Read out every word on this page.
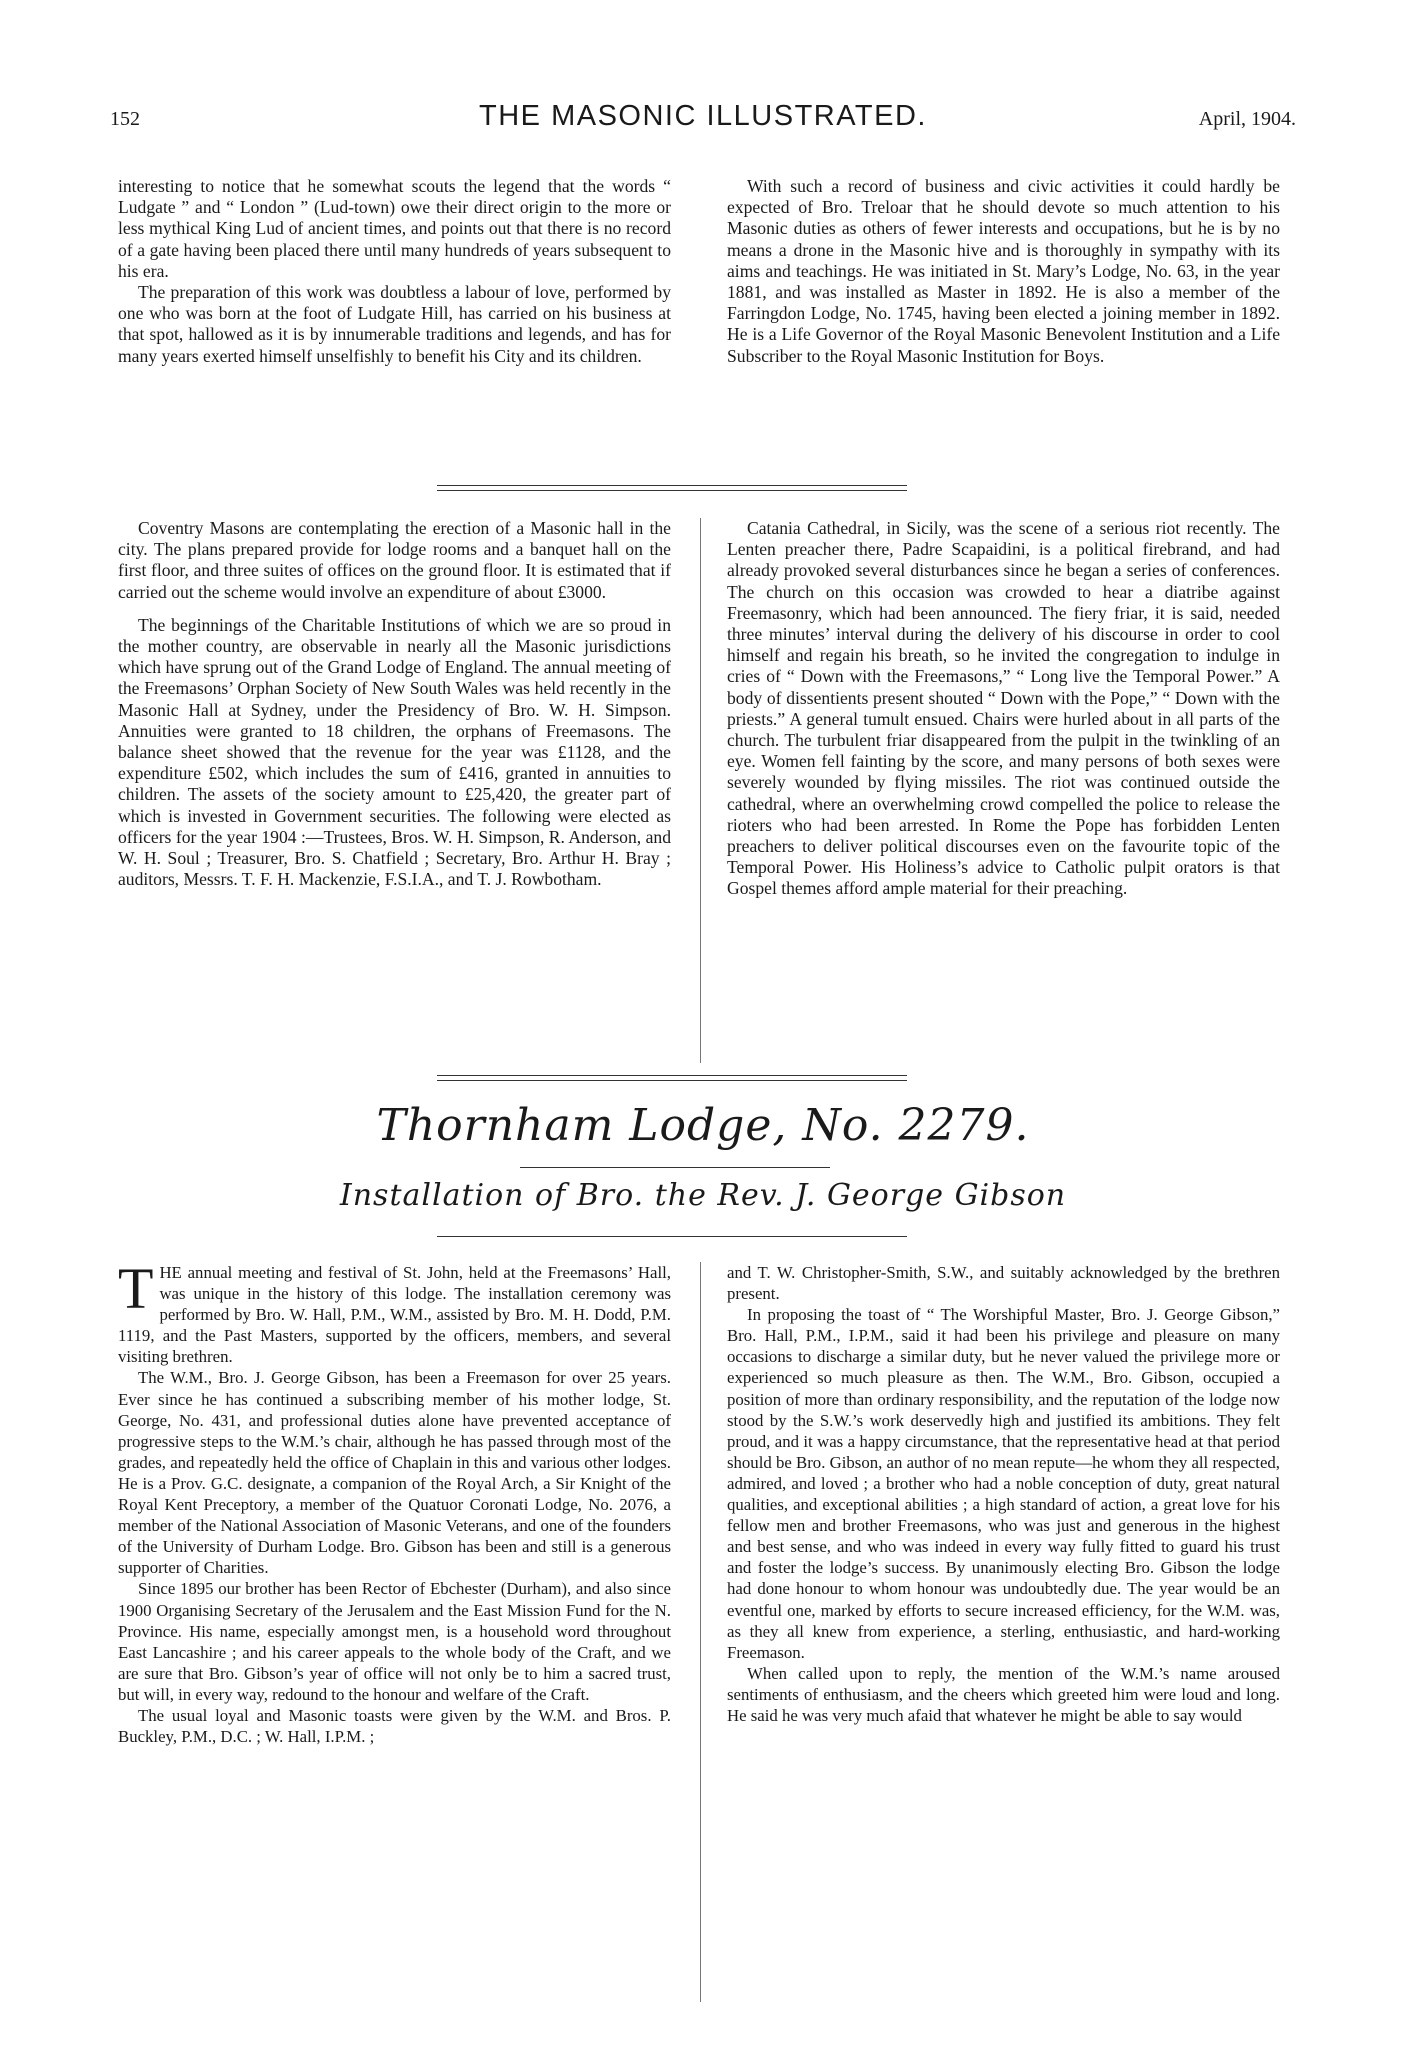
152	THE MASONIC ILLUSTRATED.	April, 1904.

interesting to notice that he somewhat scouts the legend that the words “ Ludgate ” and “ London ” (Lud-town) owe their direct origin to the more or less mythical King Lud of ancient times, and points out that there is no record of a gate having been placed there until many hundreds of years subsequent to his era.

The preparation of this work was doubtless a labour of love, performed by one who was born at the foot of Ludgate Hill, has carried on his business at that spot, hallowed as it is by innumerable traditions and legends, and has for many years exerted himself unselfishly to benefit his City and its children.

With such a record of business and civic activities it could hardly be expected of Bro. Treloar that he should devote so much attention to his Masonic duties as others of fewer interests and occupations, but he is by no means a drone in the Masonic hive and is thoroughly in sympathy with its aims and teachings. He was initiated in St. Mary’s Lodge, No. 63, in the year 1881, and was installed as Master in 1892. He is also a member of the Farringdon Lodge, No. 1745, having been elected a joining member in 1892. He is a Life Governor of the Royal Masonic Benevolent Institution and a Life Subscriber to the Royal Masonic Institution for Boys.

Coventry Masons are contemplating the erection of a Masonic hall in the city. The plans prepared provide for lodge rooms and a banquet hall on the first floor, and three suites of offices on the ground floor. It is estimated that if carried out the scheme would involve an expenditure of about £3000.

The beginnings of the Charitable Institutions of which we are so proud in the mother country, are observable in nearly all the Masonic jurisdictions which have sprung out of the Grand Lodge of England. The annual meeting of the Freemasons’ Orphan Society of New South Wales was held recently in the Masonic Hall at Sydney, under the Presidency of Bro. W. H. Simpson. Annuities were granted to 18 children, the orphans of Freemasons. The balance sheet showed that the revenue for the year was £1128, and the expenditure £502, which includes the sum of £416, granted in annuities to children. The assets of the society amount to £25,420, the greater part of which is invested in Government securities. The following were elected as officers for the year 1904 :—Trustees, Bros. W. H. Simpson, R. Anderson, and W. H. Soul ; Treasurer, Bro. S. Chatfield ; Secretary, Bro. Arthur H. Bray ; auditors, Messrs. T. F. H. Mackenzie, F.S.I.A., and T. J. Rowbotham.

Catania Cathedral, in Sicily, was the scene of a serious riot recently. The Lenten preacher there, Padre Scapaidini, is a political firebrand, and had already provoked several disturbances since he began a series of conferences. The church on this occasion was crowded to hear a diatribe against Freemasonry, which had been announced. The fiery friar, it is said, needed three minutes’ interval during the delivery of his discourse in order to cool himself and regain his breath, so he invited the congregation to indulge in cries of “ Down with the Freemasons,” “ Long live the Temporal Power.” A body of dissentients present shouted “ Down with the Pope,” “ Down with the priests.” A general tumult ensued. Chairs were hurled about in all parts of the church. The turbulent friar disappeared from the pulpit in the twinkling of an eye. Women fell fainting by the score, and many persons of both sexes were severely wounded by flying missiles. The riot was continued outside the cathedral, where an overwhelming crowd compelled the police to release the rioters who had been arrested. In Rome the Pope has forbidden Lenten preachers to deliver political discourses even on the favourite topic of the Temporal Power. His Holiness’s advice to Catholic pulpit orators is that Gospel themes afford ample material for their preaching.

Thornham Lodge, No. 2279.
Installation of Bro. the Rev. J. George Gibson

THE annual meeting and festival of St. John, held at the Freemasons’ Hall, was unique in the history of this lodge. The installation ceremony was performed by Bro. W. Hall, P.M., W.M., assisted by Bro. M. H. Dodd, P.M. 1119, and the Past Masters, supported by the officers, members, and several visiting brethren.

The W.M., Bro. J. George Gibson, has been a Freemason for over 25 years. Ever since he has continued a subscribing member of his mother lodge, St. George, No. 431, and professional duties alone have prevented acceptance of progressive steps to the W.M.’s chair, although he has passed through most of the grades, and repeatedly held the office of Chaplain in this and various other lodges. He is a Prov. G.C. designate, a companion of the Royal Arch, a Sir Knight of the Royal Kent Preceptory, a member of the Quatuor Coronati Lodge, No. 2076, a member of the National Association of Masonic Veterans, and one of the founders of the University of Durham Lodge. Bro. Gibson has been and still is a generous supporter of Charities.

Since 1895 our brother has been Rector of Ebchester (Durham), and also since 1900 Organising Secretary of the Jerusalem and the East Mission Fund for the N. Province. His name, especially amongst men, is a household word throughout East Lancashire ; and his career appeals to the whole body of the Craft, and we are sure that Bro. Gibson’s year of office will not only be to him a sacred trust, but will, in every way, redound to the honour and welfare of the Craft.

The usual loyal and Masonic toasts were given by the W.M. and Bros. P. Buckley, P.M., D.C. ; W. Hall, I.P.M. ;

and T. W. Christopher-Smith, S.W., and suitably acknowledged by the brethren present.

In proposing the toast of “ The Worshipful Master, Bro. J. George Gibson,” Bro. Hall, P.M., I.P.M., said it had been his privilege and pleasure on many occasions to discharge a similar duty, but he never valued the privilege more or experienced so much pleasure as then. The W.M., Bro. Gibson, occupied a position of more than ordinary responsibility, and the reputation of the lodge now stood by the S.W.’s work deservedly high and justified its ambitions. They felt proud, and it was a happy circumstance, that the representative head at that period should be Bro. Gibson, an author of no mean repute—he whom they all respected, admired, and loved ; a brother who had a noble conception of duty, great natural qualities, and exceptional abilities ; a high standard of action, a great love for his fellow men and brother Freemasons, who was just and generous in the highest and best sense, and who was indeed in every way fully fitted to guard his trust and foster the lodge’s success. By unanimously electing Bro. Gibson the lodge had done honour to whom honour was undoubtedly due. The year would be an eventful one, marked by efforts to secure increased efficiency, for the W.M. was, as they all knew from experience, a sterling, enthusiastic, and hard-working Freemason.

When called upon to reply, the mention of the W.M.’s name aroused sentiments of enthusiasm, and the cheers which greeted him were loud and long. He said he was very much afaid that whatever he might be able to say would
